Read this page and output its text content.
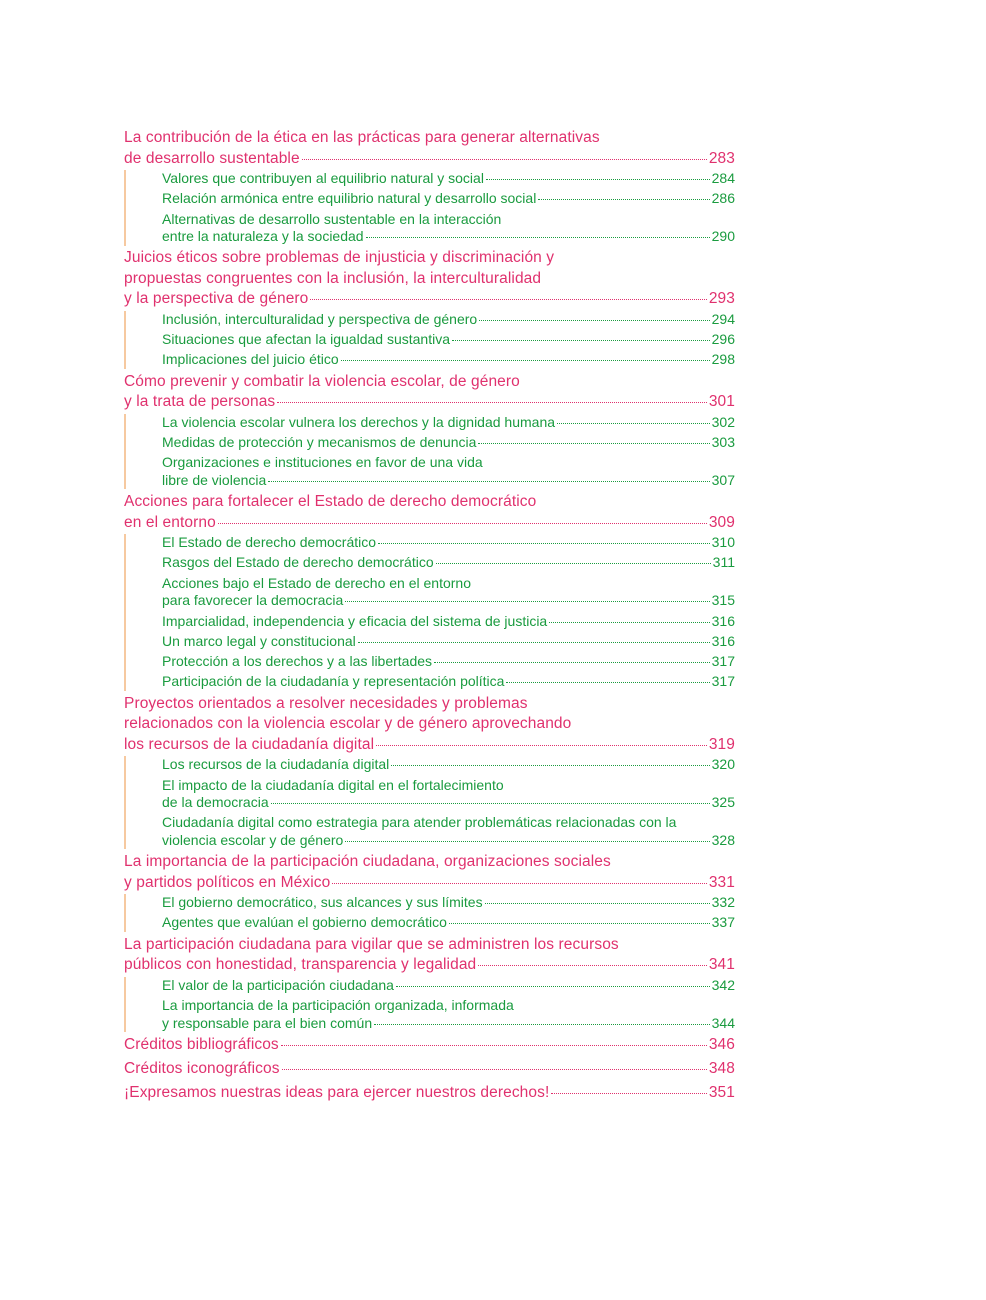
La contribución de la ética en las prácticas para generar alternativas
de desarrollo sustentable	283
Valores que contribuyen al equilibrio natural y social	284
Relación armónica entre equilibrio natural y desarrollo social	286
Alternativas de desarrollo sustentable en la interacción
entre la naturaleza y la sociedad	290
Juicios éticos sobre problemas de injusticia y discriminación y
propuestas congruentes con la inclusión, la interculturalidad
y la perspectiva de género	293
Inclusión, interculturalidad y perspectiva de género	294
Situaciones que afectan la igualdad sustantiva	296
Implicaciones del juicio ético	298
Cómo prevenir y combatir la violencia escolar, de género
y la trata de personas	301
La violencia escolar vulnera los derechos y la dignidad humana	302
Medidas de protección y mecanismos de denuncia	303
Organizaciones e instituciones en favor de una vida
libre de violencia	307
Acciones para fortalecer el Estado de derecho democrático
en el entorno	309
El Estado de derecho democrático	310
Rasgos del Estado de derecho democrático	311
Acciones bajo el Estado de derecho en el entorno
para favorecer la democracia	315
Imparcialidad, independencia y eficacia del sistema de justicia	316
Un marco legal y constitucional	316
Protección a los derechos y a las libertades	317
Participación de la ciudadanía y representación política	317
Proyectos orientados a resolver necesidades y problemas
relacionados con la violencia escolar y de género aprovechando
los recursos de la ciudadanía digital	319
Los recursos de la ciudadanía digital	320
El impacto de la ciudadanía digital en el fortalecimiento
de la democracia	325
Ciudadanía digital como estrategia para atender problemáticas relacionadas con la
violencia escolar y de género	328
La importancia de la participación ciudadana, organizaciones sociales
y partidos políticos en México	331
El gobierno democrático, sus alcances y sus límites	332
Agentes que evalúan el gobierno democrático	337
La participación ciudadana para vigilar que se administren los recursos
públicos con honestidad, transparencia y legalidad	341
El valor de la participación ciudadana	342
La importancia de la participación organizada, informada
y responsable para el bien común	344
Créditos bibliográficos	346
Créditos iconográficos	348
¡Expresamos nuestras ideas para ejercer nuestros derechos!	351
